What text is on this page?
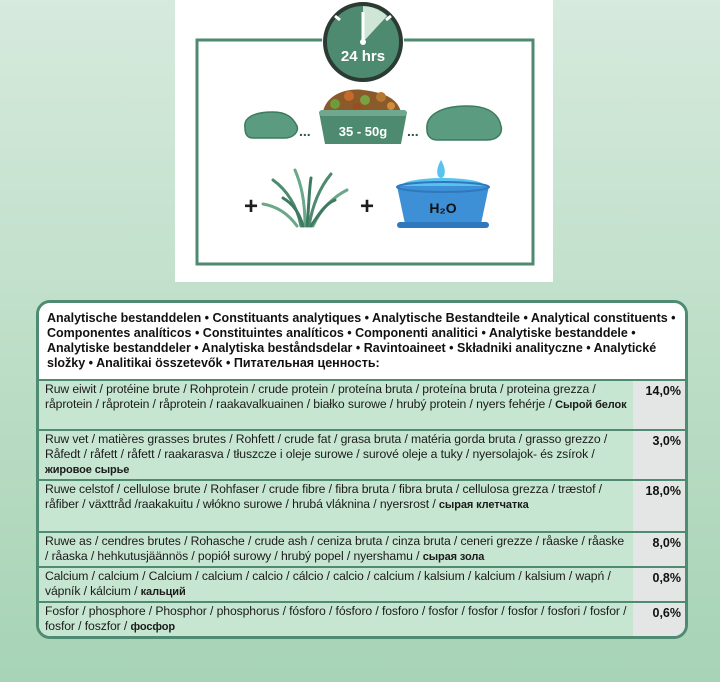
24 hrs
... 35 - 50g ...
+	+	H₂O
Analytische bestanddelen • Constituants analytiques • Analytische Bestandteile • Analytical constituents • Componentes analíticos • Constituintes analíticos • Componenti analitici • Analytiske bestanddele • Analytiske bestanddeler • Analytiska beståndsdelar • Ravintoaineet • Składniki analityczne • Analytické složky • Analitikai összetevők • Питательная ценность:
Ruw eiwit / protéine brute / Rohprotein / crude protein / proteína bruta / proteína bruta / proteina grezza / råprotein / råprotein / råprotein / raakavalkuainen / białko surowe / hrubý protein / nyers fehérje / Сырой белок
14,0%
Ruw vet / matières grasses brutes / Rohfett / crude fat / grasa bruta / matéria gorda bruta / grasso grezzo / Råfedt / råfett / råfett / raakarasva / tłuszcze i oleje surowe / surové oleje a tuky / nyersolajok- és zsírok / жировое сырье
3,0%
Ruwe celstof / cellulose brute / Rohfaser / crude fibre / fibra bruta / fibra bruta / cellulosa grezza / træstof / råfiber / växttråd /raakakuitu / włókno surowe / hrubá vláknina / nyersrost / сырая клетчатка
18,0%
Ruwe as / cendres brutes / Rohasche / crude ash / ceniza bruta / cinza bruta / ceneri grezze / råaske / råaske / råaska / hehkutusjäännös / popiół surowy / hrubý popel / nyershamu / сырая зола
8,0%
Calcium / calcium / Calcium / calcium / calcio / cálcio / calcio / calcium / kalsium / kalcium / kalsium / wapń / vápník / kálcium / кальций
0,8%
Fosfor / phosphore / Phosphor / phosphorus / fósforo / fósforo / fosforo / fosfor / fosfor / fosfor / fosfori / fosfor / fosfor / foszfor / фосфор
0,6%
